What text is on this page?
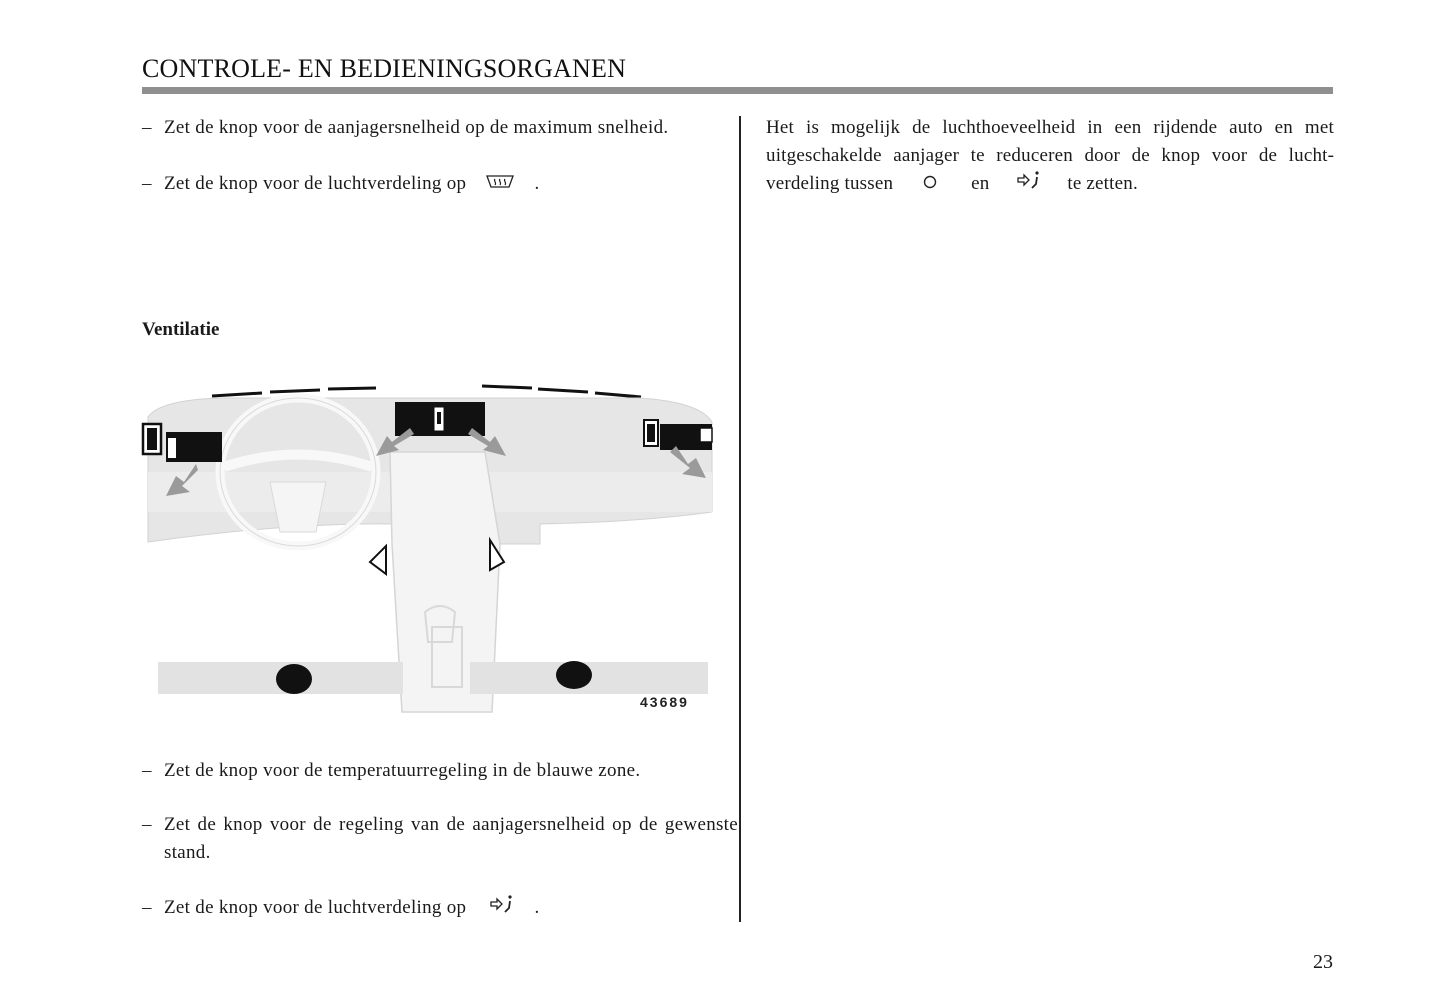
CONTROLE- EN BEDIENINGSORGANEN
– Zet de knop voor de aanjagersnelheid op de maximum snelheid.
– Zet de knop voor de luchtverdeling op	.
Ventilatie
43689
– Zet de knop voor de temperatuurregeling in de blauwe zone.
– Zet de knop voor de regeling van de aanjagersnelheid op de gewenste stand.
– Zet de knop voor de luchtverdeling op	.
Het is mogelijk de luchthoeveelheid in een rijdende auto en met uitgeschakelde aanjager te reduceren door de knop voor de luchtverdeling tussen	en	te zetten.
23
